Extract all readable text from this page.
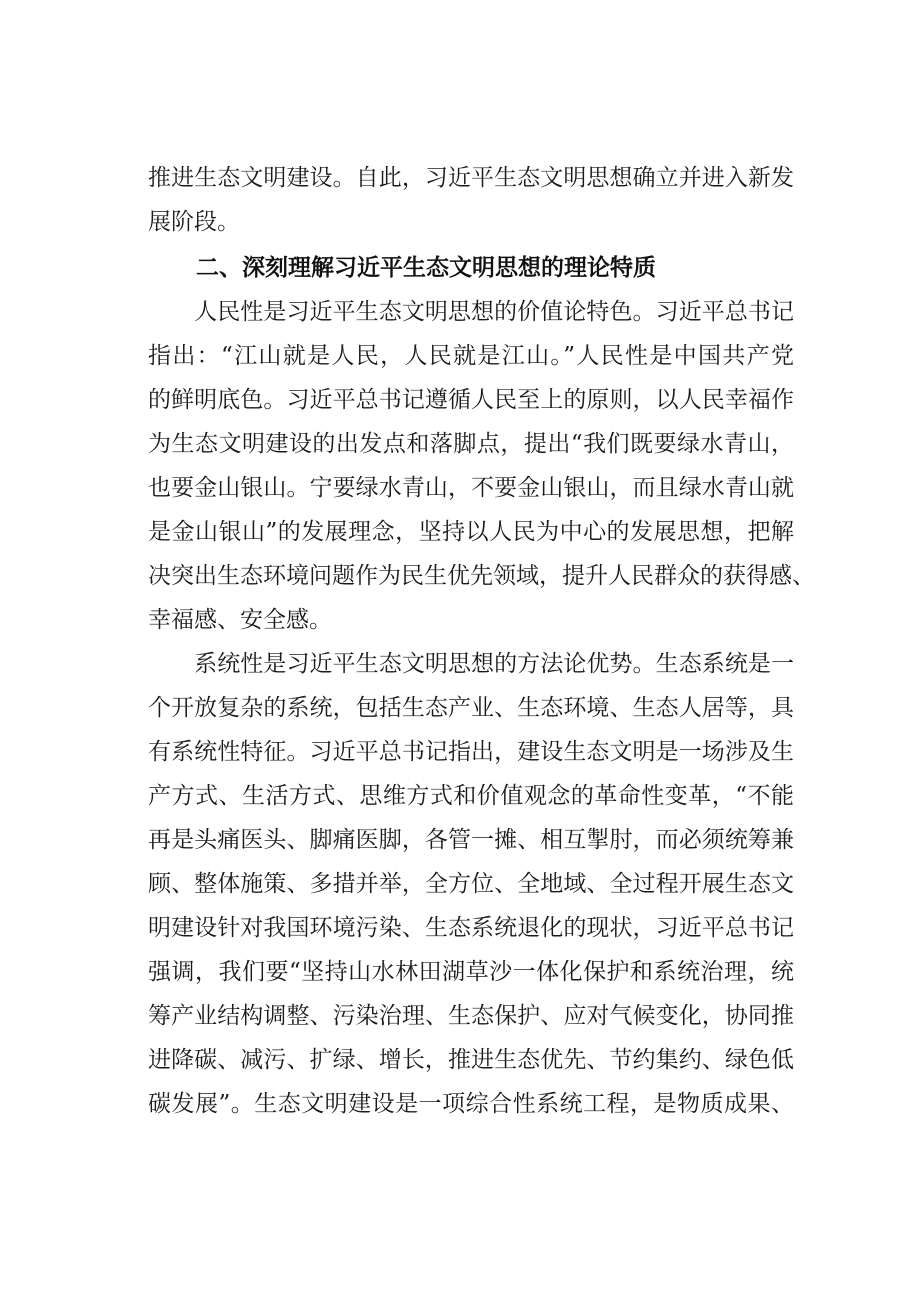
推进生态文明建设。自此，习近平生态文明思想确立并进入新发
展阶段。
二、深刻理解习近平生态文明思想的理论特质
　　人民性是习近平生态文明思想的价值论特色。习近平总书记
指出：“江山就是人民，人民就是江山。”人民性是中国共产党
的鲜明底色。习近平总书记遵循人民至上的原则，以人民幸福作
为生态文明建设的出发点和落脚点，提出“我们既要绿水青山，
也要金山银山。宁要绿水青山，不要金山银山，而且绿水青山就
是金山银山”的发展理念，坚持以人民为中心的发展思想，把解
决突出生态环境问题作为民生优先领域，提升人民群众的获得感、
幸福感、安全感。
　　系统性是习近平生态文明思想的方法论优势。生态系统是一
个开放复杂的系统，包括生态产业、生态环境、生态人居等，具
有系统性特征。习近平总书记指出，建设生态文明是一场涉及生
产方式、生活方式、思维方式和价值观念的革命性变革，“不能
再是头痛医头、脚痛医脚，各管一摊、相互掣肘，而必须统筹兼
顾、整体施策、多措并举，全方位、全地域、全过程开展生态文
明建设针对我国环境污染、生态系统退化的现状，习近平总书记
强调，我们要“坚持山水林田湖草沙一体化保护和系统治理，统
筹产业结构调整、污染治理、生态保护、应对气候变化，协同推
进降碳、减污、扩绿、增长，推进生态优先、节约集约、绿色低
碳发展”。生态文明建设是一项综合性系统工程，是物质成果、
